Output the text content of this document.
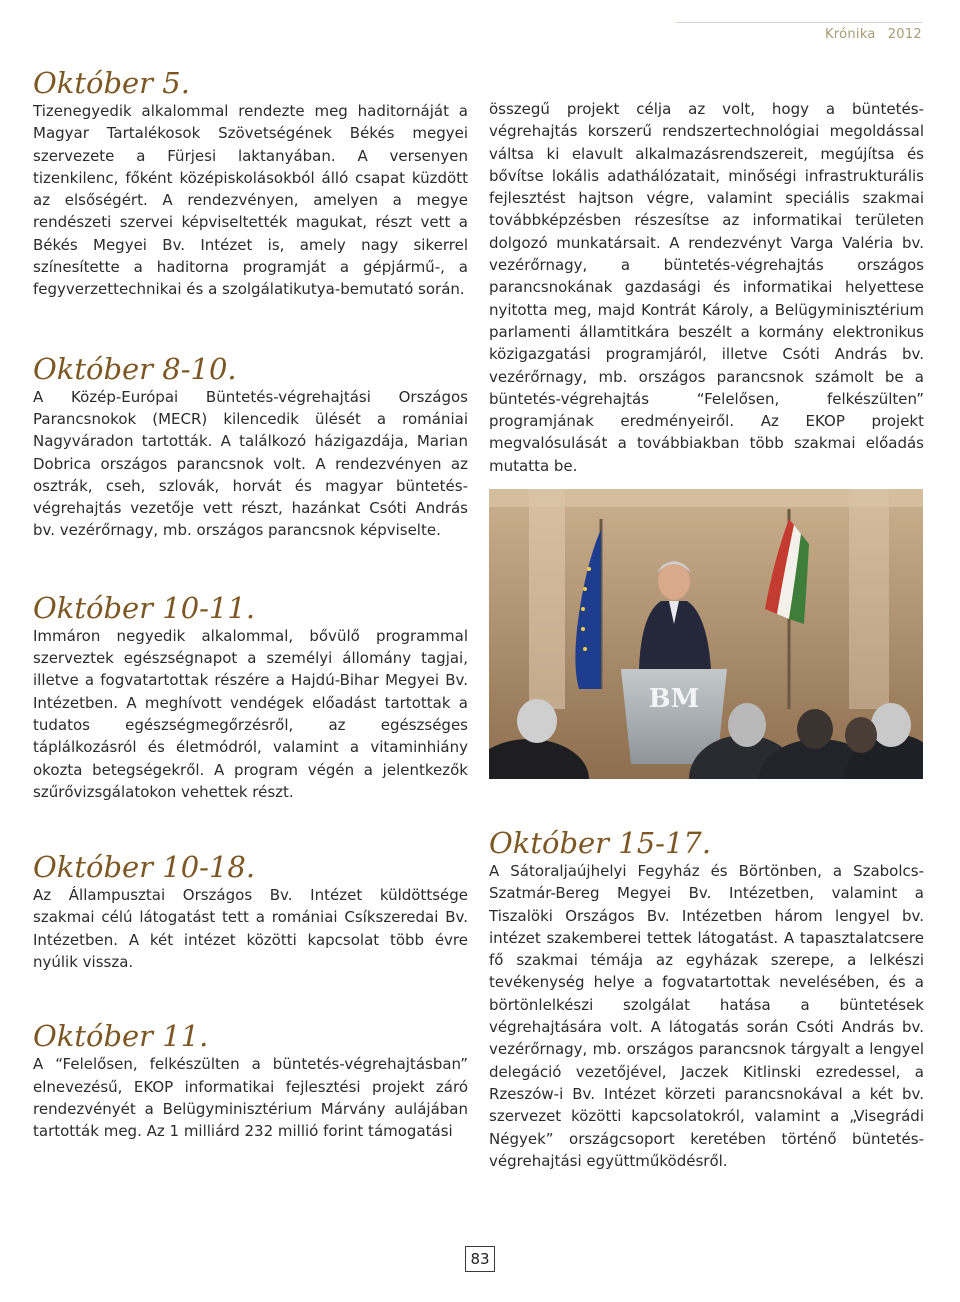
Krónika 2012
Október 5.

Tizenegyedik alkalommal rendezte meg haditornáját a Magyar Tartalékosok Szövetségének Békés megyei szervezete a Fürjesi laktanyában. A versenyen tizenkilenc, főként középiskolásokból álló csapat küzdött az elsőségért. A rendezvényen, amelyen a megye rendészeti szervei képviseltették magukat, részt vett a Békés Megyei Bv. Intézet is, amely nagy sikerrel színesítette a haditorna programját a gépjármű-, a fegyverzettechnikai és a szolgálatikutya-bemutató során.

Október 8-10.

A Közép-Európai Büntetés-végrehajtási Országos Parancsnokok (MECR) kilencedik ülését a romániai Nagyváradon tartották. A találkozó házigazdája, Marian Dobrica országos parancsnok volt. A rendezvényen az osztrák, cseh, szlovák, horvát és magyar büntetés-végrehajtás vezetője vett részt, hazánkat Csóti András bv. vezérőrnagy, mb. országos parancsnok képviselte.

Október 10-11.

Immáron negyedik alkalommal, bővülő programmal szerveztek egészségnapot a személyi állomány tagjai, illetve a fogvatartottak részére a Hajdú-Bihar Megyei Bv. Intézetben. A meghívott vendégek előadást tartottak a tudatos egészségmegőrzésről, az egészséges táplálkozásról és életmódról, valamint a vitaminhiány okozta betegségekről. A program végén a jelentkezők szűrővizsgálatokon vehettek részt.

Október 10-18.

Az Állampusztai Országos Bv. Intézet küldöttsége szakmai célú látogatást tett a romániai Csíkszeredai Bv. Intézetben. A két intézet közötti kapcsolat több évre nyúlik vissza.

Október 11.

A “Felelősen, felkészülten a büntetés-végrehajtásban” elnevezésű, EKOP informatikai fejlesztési projekt záró rendezvényét a Belügyminisztérium Márvány aulájában tartották meg. Az 1 milliárd 232 millió forint támogatási

összegű projekt célja az volt, hogy a büntetés-végrehajtás korszerű rendszertechnológiai megoldással váltsa ki elavult alkalmazásrendszereit, megújítsa és bővítse lokális adathálózatait, minőségi infrastrukturális fejlesztést hajtson végre, valamint speciális szakmai továbbképzésben részesítse az informatikai területen dolgozó munkatársait. A rendezvényt Varga Valéria bv. vezérőrnagy, a büntetés-végrehajtás országos parancsnokának gazdasági és informatikai helyettese nyitotta meg, majd Kontrát Károly, a Belügyminisztérium parlamenti államtitkára beszélt a kormány elektronikus közigazgatási programjáról, illetve Csóti András bv. vezérőrnagy, mb. országos parancsnok számolt be a büntetés-végrehajtás “Felelősen, felkészülten” programjának eredményeiről. Az EKOP projekt megvalósulását a továbbiakban több szakmai előadás mutatta be.

BM
Október 15-17.

A Sátoraljaújhelyi Fegyház és Börtönben, a Szabolcs-Szatmár-Bereg Megyei Bv. Intézetben, valamint a Tiszalöki Országos Bv. Intézetben három lengyel bv. intézet szakemberei tettek látogatást. A tapasztalatcsere fő szakmai témája az egyházak szerepe, a lelkészi tevékenység helye a fogvatartottak nevelésében, és a börtönlelkészi szolgálat hatása a büntetések végrehajtására volt. A látogatás során Csóti András bv. vezérőrnagy, mb. országos parancsnok tárgyalt a lengyel delegáció vezetőjével, Jaczek Kitlinski ezredessel, a Rzeszów-i Bv. Intézet körzeti parancsnokával a két bv. szervezet közötti kapcsolatokról, valamint a „Visegrádi Négyek” országcsoport keretében történő büntetés-végrehajtási együttműködésről.

83
